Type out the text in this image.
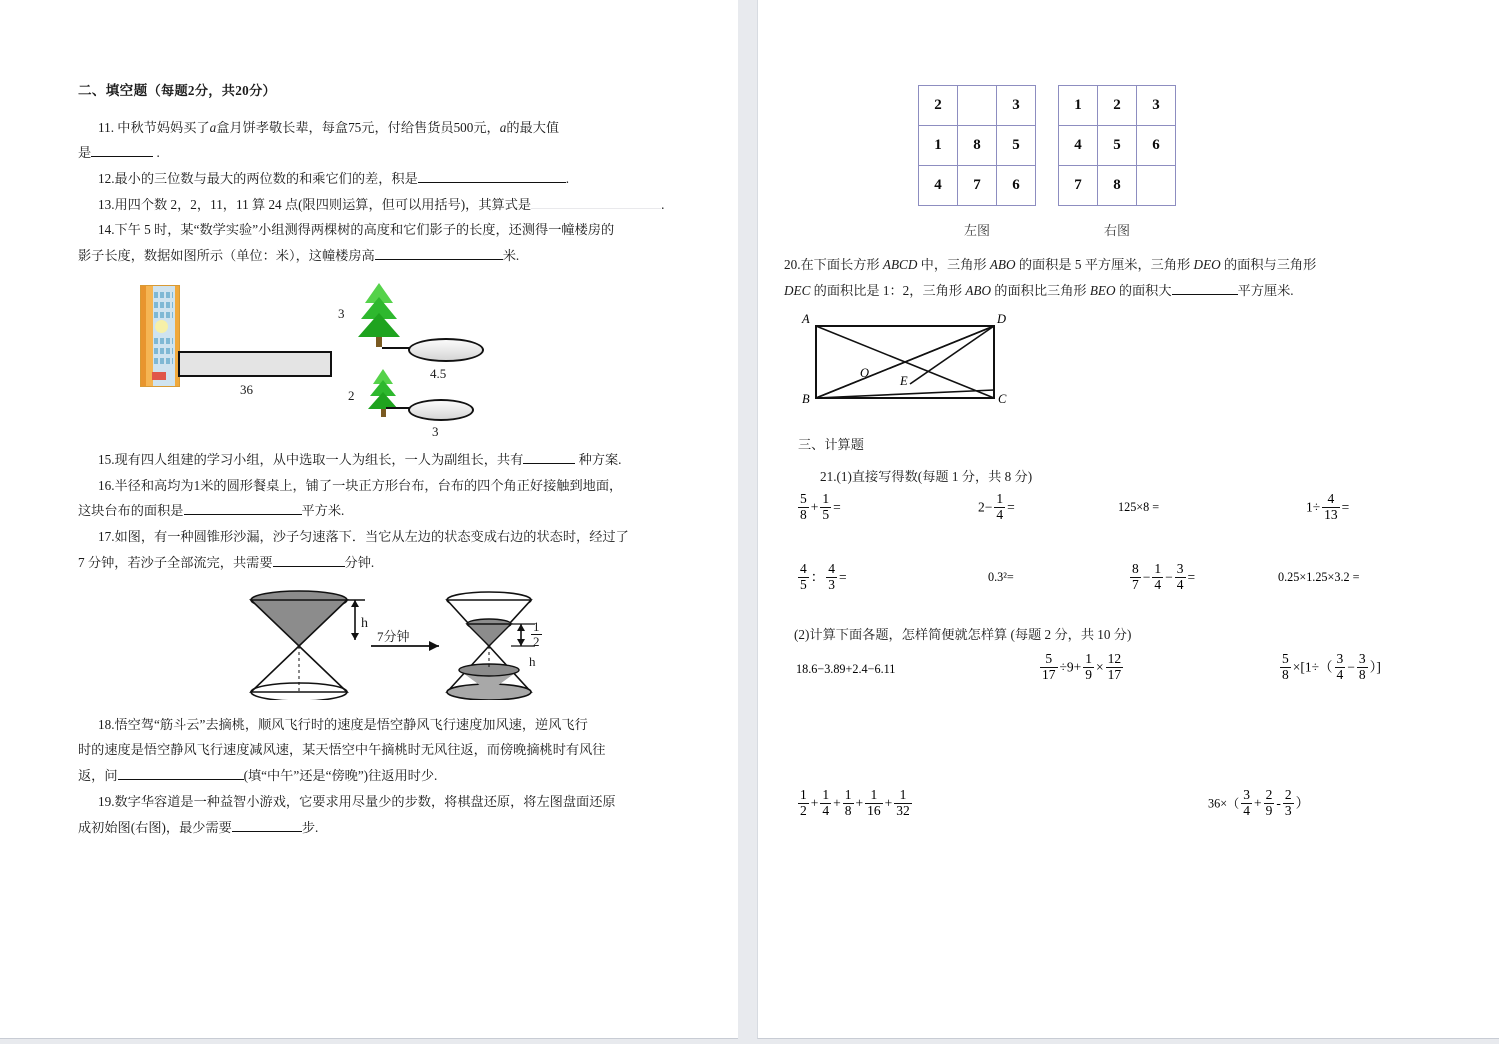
二、填空题（每题2分，共20分）
11. 中秋节妈妈买了a盒月饼孝敬长辈，每盒75元，付给售货员500元，a的最大值
是	.
12.最小的三位数与最大的两位数的和乘它们的差，积是	.
13.用四个数 2，2，11，11 算 24 点(限四则运算，但可以用括号)，其算式是	.
14.下午 5 时，某“数学实验”小组测得两棵树的高度和它们影子的长度，还测得一幢楼房的
影子长度，数据如图所示（单位：米），这幢楼房高	米.
36
3
4.5
2
3
15.现有四人组建的学习小组，从中选取一人为组长，一人为副组长，共有	种方案.
16.半径和高均为1米的圆形餐桌上，铺了一块正方形台布，台布的四个角正好接触到地面，
这块台布的面积是	平方米.
17.如图，有一种圆锥形沙漏，沙子匀速落下．当它从左边的状态变成右边的状态时，经过了
7 分钟，若沙子全部流完，共需要	分钟.
h
7分钟	$\frac{1}{2}$
h
18.悟空驾“筋斗云”去摘桃，顺风飞行时的速度是悟空静风飞行速度加风速，逆风飞行
时的速度是悟空静风飞行速度减风速，某天悟空中午摘桃时无风往返，而傍晚摘桃时有风往
返，问	(填“中午”还是“傍晚”)往返用时少.
19.数字华容道是一种益智小游戏，它要求用尽量少的步数，将棋盘还原，将左图盘面还原
成初始图(右图)，最少需要	步.
2		3
1	8	5
4	7	6
左图
1	2	3
4	5	6
7	8	
右图
20.在下面长方形 ABCD 中，三角形 ABO 的面积是 5 平方厘米，三角形 DEO 的面积与三角形
DEC 的面积比是 1：2，三角形 ABO 的面积比三角形 BEO 的面积大	平方厘米.
A	D
O
E
B	C
三、计算题
21.(1)直接写得数(每题 1 分，共 8 分)
$\frac{5}{8} + \frac{1}{5}$ =	$2- \frac{1}{4}$ =	125×8 =	$1\div \frac{4}{13}$ =
$\frac{4}{5}$ ： $\frac{4}{3}$ =	0.3²=	$\frac{8}{7} - \frac{1}{4} - \frac{3}{4}$ =	0.25×1.25×3.2 =
(2)计算下面各题，怎样简便就怎样算 (每题 2 分，共 10 分)
18.6−3.89+2.4−6.11	$\frac{5}{17} \div 9+ \frac{1}{9} \times \frac{12}{17}$	$\frac{5}{8} \times[1\div( \frac{3}{4} - \frac{3}{8}$ ）]
$\frac{1}{2} + \frac{1}{4} + \frac{1}{8} + \frac{1}{16} + \frac{1}{32}$	$36\times( \frac{3}{4} + \frac{2}{9} - \frac{2}{3}$ ）
